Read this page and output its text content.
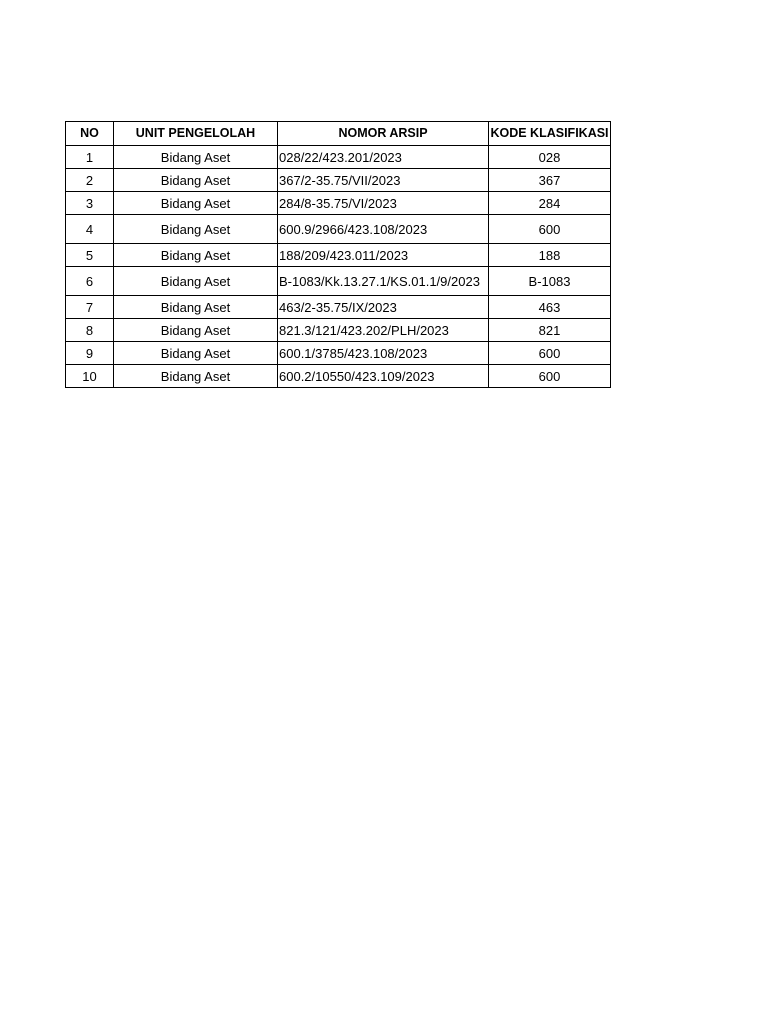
NO	UNIT PENGELOLAH	NOMOR ARSIP	KODE KLASIFIKASI
1	Bidang Aset	028/22/423.201/2023	028
2	Bidang Aset	367/2-35.75/VII/2023	367
3	Bidang Aset	284/8-35.75/VI/2023	284
4	Bidang Aset	600.9/2966/423.108/2023	600
5	Bidang Aset	188/209/423.011/2023	188
6	Bidang Aset	B-1083/Kk.13.27.1/KS.01.1/9/2023	B-1083
7	Bidang Aset	463/2-35.75/IX/2023	463
8	Bidang Aset	821.3/121/423.202/PLH/2023	821
9	Bidang Aset	600.1/3785/423.108/2023	600
10	Bidang Aset	600.2/10550/423.109/2023	600
